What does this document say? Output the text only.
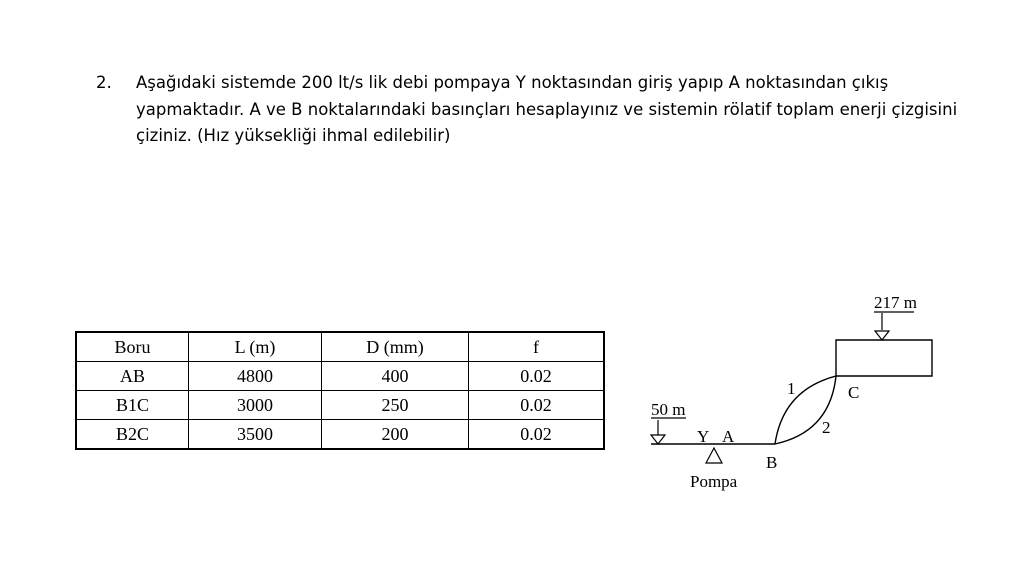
2. Aşağıdaki sistemde 200 lt/s lik debi pompaya Y noktasından giriş yapıp A noktasından çıkış yapmaktadır. A ve B noktalarındaki basınçları hesaplayınız ve sistemin rölatif toplam enerji çizgisini çiziniz. (Hız yüksekliği ihmal edilebilir)
Boru	L (m)	D (mm)	f
AB	4800	400	0.02
B1C	3000	250	0.02
B2C	3500	200	0.02
50 m
Y A
Pompa
B
1
2
C
217 m
